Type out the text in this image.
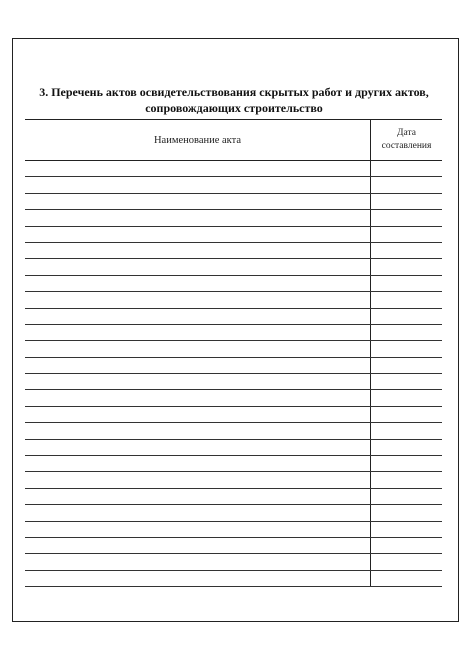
3. Перечень актов освидетельствования скрытых работ и других актов,
сопровождающих строительство
Наименование акта
Дата
составления
